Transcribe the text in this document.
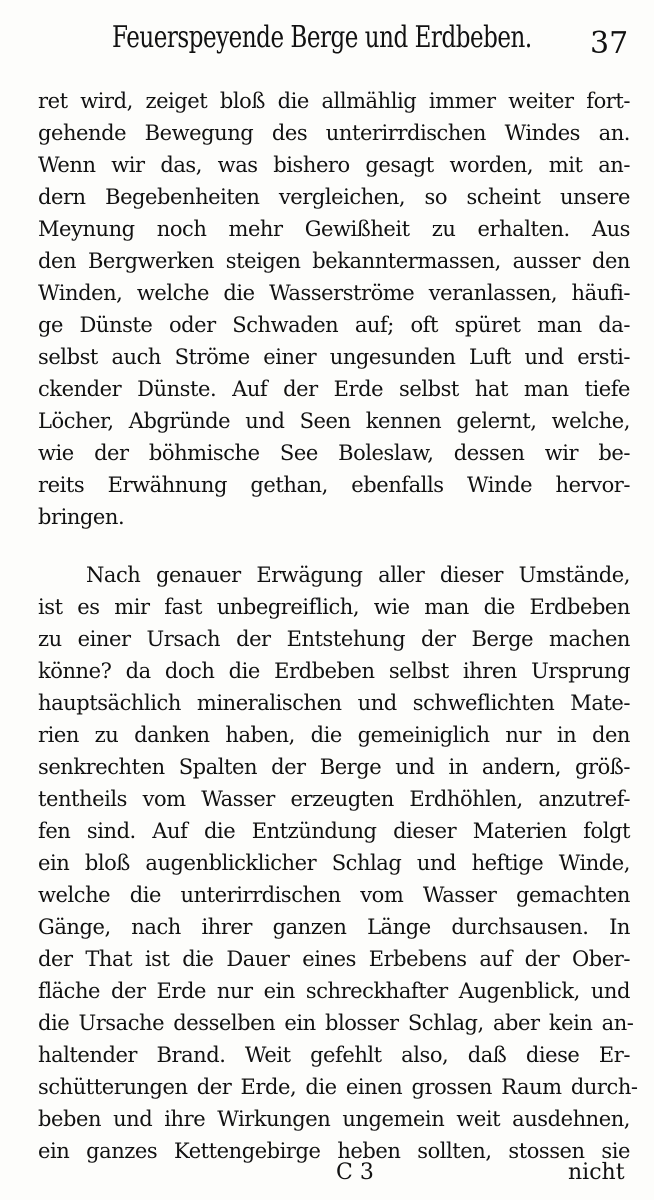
Feuerspeyende Berge und Erdbeben. 37
ret wird, zeiget bloß die allmählig immer weiter fort-
gehende Bewegung des unterirrdischen Windes an.
Wenn wir das, was bishero gesagt worden, mit an-
dern Begebenheiten vergleichen, so scheint unsere
Meynung noch mehr Gewißheit zu erhalten. Aus
den Bergwerken steigen bekanntermassen, ausser den
Winden, welche die Wasserströme veranlassen, häufi-
ge Dünste oder Schwaden auf; oft spüret man da-
selbst auch Ströme einer ungesunden Luft und ersti-
ckender Dünste. Auf der Erde selbst hat man tiefe
Löcher, Abgründe und Seen kennen gelernt, welche,
wie der böhmische See Boleslaw, dessen wir be-
reits Erwähnung gethan, ebenfalls Winde hervor-
bringen.
Nach genauer Erwägung aller dieser Umstände,
ist es mir fast unbegreiflich, wie man die Erdbeben
zu einer Ursach der Entstehung der Berge machen
könne? da doch die Erdbeben selbst ihren Ursprung
hauptsächlich mineralischen und schweflichten Mate-
rien zu danken haben, die gemeiniglich nur in den
senkrechten Spalten der Berge und in andern, größ-
tentheils vom Wasser erzeugten Erdhöhlen, anzutref-
fen sind. Auf die Entzündung dieser Materien folgt
ein bloß augenblicklicher Schlag und heftige Winde,
welche die unterirrdischen vom Wasser gemachten
Gänge, nach ihrer ganzen Länge durchsausen. In
der That ist die Dauer eines Erbebens auf der Ober-
fläche der Erde nur ein schreckhafter Augenblick, und
die Ursache desselben ein blosser Schlag, aber kein an-
haltender Brand. Weit gefehlt also, daß diese Er-
schütterungen der Erde, die einen grossen Raum durch-
beben und ihre Wirkungen ungemein weit ausdehnen,
ein ganzes Kettengebirge heben sollten, stossen sie
C 3	nicht
